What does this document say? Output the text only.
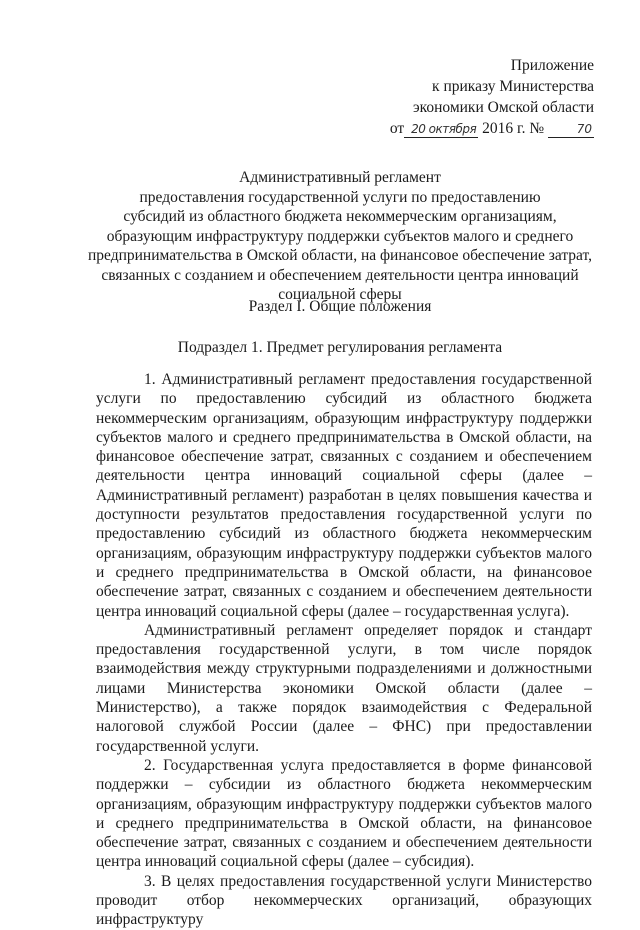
Приложение
к приказу Министерства
экономики Омской области
от 20 октября 2016 г. №	70
Административный регламент
предоставления государственной услуги по предоставлению
субсидий из областного бюджета некоммерческим организациям,
образующим инфраструктуру поддержки субъектов малого и среднего
предпринимательства в Омской области, на финансовое обеспечение затрат,
связанных с созданием и обеспечением деятельности центра инноваций
социальной сферы
Раздел I. Общие положения
Подраздел 1. Предмет регулирования регламента

1. Административный регламент предоставления государственной услуги по предоставлению субсидий из областного бюджета некоммерческим организациям, образующим инфраструктуру поддержки субъектов малого и среднего предпринимательства в Омской области, на финансовое обеспечение затрат, связанных с созданием и обеспечением деятельности центра инноваций социальной сферы (далее – Административный регламент) разработан в целях повышения качества и доступности результатов предоставления государственной услуги по предоставлению субсидий из областного бюджета некоммерческим организациям, образующим инфраструктуру поддержки субъектов малого и среднего предпринимательства в Омской области, на финансовое обеспечение затрат, связанных с созданием и обеспечением деятельности центра инноваций социальной сферы (далее – государственная услуга).

Административный регламент определяет порядок и стандарт предоставления государственной услуги, в том числе порядок взаимодействия между структурными подразделениями и должностными лицами Министерства экономики Омской области (далее – Министерство), а также порядок взаимодействия с Федеральной налоговой службой России (далее – ФНС) при предоставлении государственной услуги.

2. Государственная услуга предоставляется в форме финансовой поддержки – субсидии из областного бюджета некоммерческим организациям, образующим инфраструктуру поддержки субъектов малого и среднего предпринимательства в Омской области, на финансовое обеспечение затрат, связанных с созданием и обеспечением деятельности центра инноваций социальной сферы (далее – субсидия).

3. В целях предоставления государственной услуги Министерство проводит отбор некоммерческих организаций, образующих инфраструктуру
